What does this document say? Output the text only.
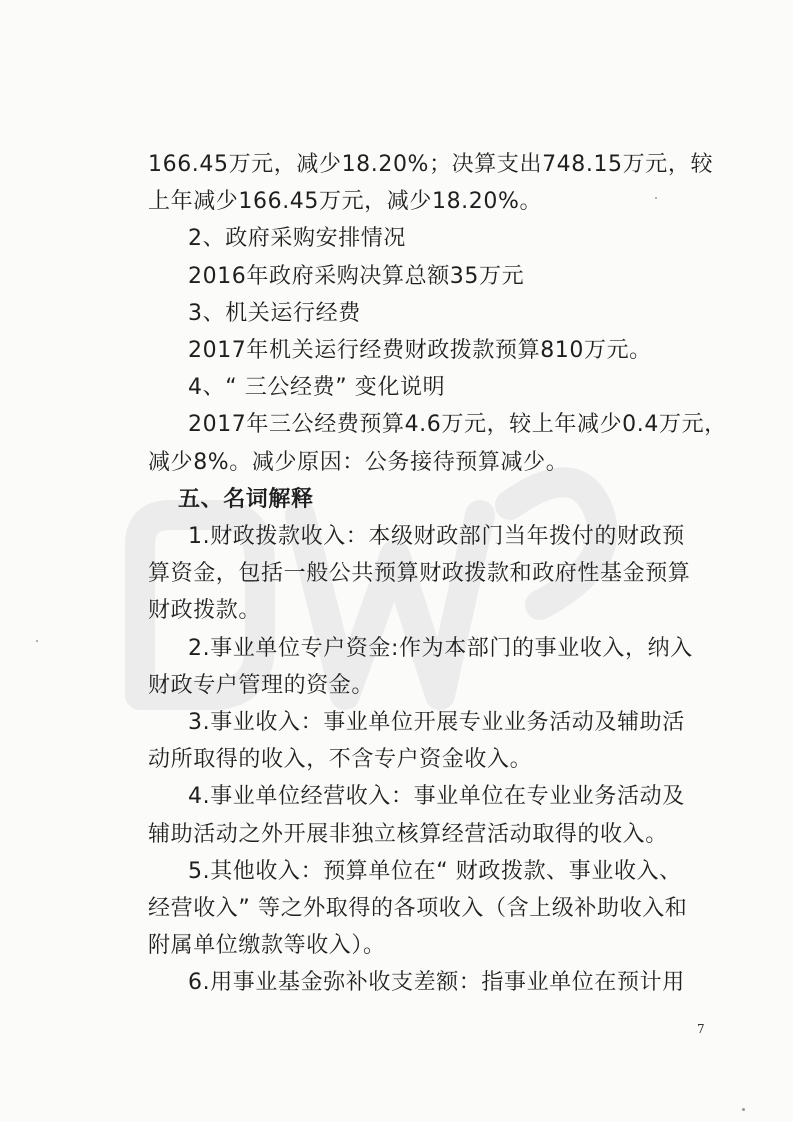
166.45万元，减少18.20%；决算支出748.15万元，较

上年减少166.45万元，减少18.20%。

2、政府采购安排情况

2016年政府采购决算总额35万元

3、机关运行经费

2017年机关运行经费财政拨款预算810万元。

4、“ 三公经费” 变化说明

2017年三公经费预算4.6万元，较上年减少0.4万元，

减少8%。减少原因：公务接待预算减少。

五、名词解释

1.财政拨款收入：本级财政部门当年拨付的财政预

算资金，包括一般公共预算财政拨款和政府性基金预算

财政拨款。

2.事业单位专户资金:作为本部门的事业收入，纳入

财政专户管理的资金。

3.事业收入：事业单位开展专业业务活动及辅助活

动所取得的收入，不含专户资金收入。

4.事业单位经营收入：事业单位在专业业务活动及

辅助活动之外开展非独立核算经营活动取得的收入。

5.其他收入：预算单位在“ 财政拨款、事业收入、

经营收入” 等之外取得的各项收入（含上级补助收入和

附属单位缴款等收入）。

6.用事业基金弥补收支差额：指事业单位在预计用

7
